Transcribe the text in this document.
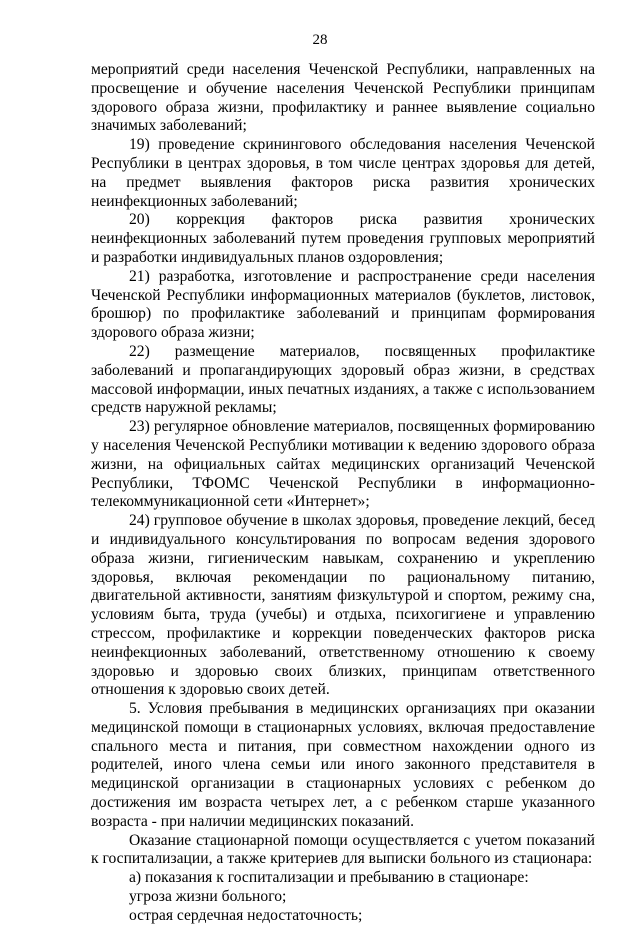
28

мероприятий среди населения Чеченской Республики, направленных на просвещение и обучение населения Чеченской Республики принципам здорового образа жизни, профилактику и раннее выявление социально значимых заболеваний;

19) проведение скринингового обследования населения Чеченской Республики в центрах здоровья, в том числе центрах здоровья для детей, на предмет выявления факторов риска развития хронических неинфекционных заболеваний;

20) коррекция факторов риска развития хронических неинфекционных заболеваний путем проведения групповых мероприятий и разработки индивидуальных планов оздоровления;

21) разработка, изготовление и распространение среди населения Чеченской Республики информационных материалов (буклетов, листовок, брошюр) по профилактике заболеваний и принципам формирования здорового образа жизни;

22) размещение материалов, посвященных профилактике заболеваний и пропагандирующих здоровый образ жизни, в средствах массовой информации, иных печатных изданиях, а также с использованием средств наружной рекламы;

23) регулярное обновление материалов, посвященных формированию у населения Чеченской Республики мотивации к ведению здорового образа жизни, на официальных сайтах медицинских организаций Чеченской Республики, ТФОМС Чеченской Республики в информационно-телекоммуникационной сети «Интернет»;

24) групповое обучение в школах здоровья, проведение лекций, бесед и индивидуального консультирования по вопросам ведения здорового образа жизни, гигиеническим навыкам, сохранению и укреплению здоровья, включая рекомендации по рациональному питанию, двигательной активности, занятиям физкультурой и спортом, режиму сна, условиям быта, труда (учебы) и отдыха, психогигиене и управлению стрессом, профилактике и коррекции поведенческих факторов риска неинфекционных заболеваний, ответственному отношению к своему здоровью и здоровью своих близких, принципам ответственного отношения к здоровью своих детей.

5. Условия пребывания в медицинских организациях при оказании медицинской помощи в стационарных условиях, включая предоставление спального места и питания, при совместном нахождении одного из родителей, иного члена семьи или иного законного представителя в медицинской организации в стационарных условиях с ребенком до достижения им возраста четырех лет, а с ребенком старше указанного возраста - при наличии медицинских показаний.

Оказание стационарной помощи осуществляется с учетом показаний к госпитализации, а также критериев для выписки больного из стационара:

а) показания к госпитализации и пребыванию в стационаре:

угроза жизни больного;

острая сердечная недостаточность;
